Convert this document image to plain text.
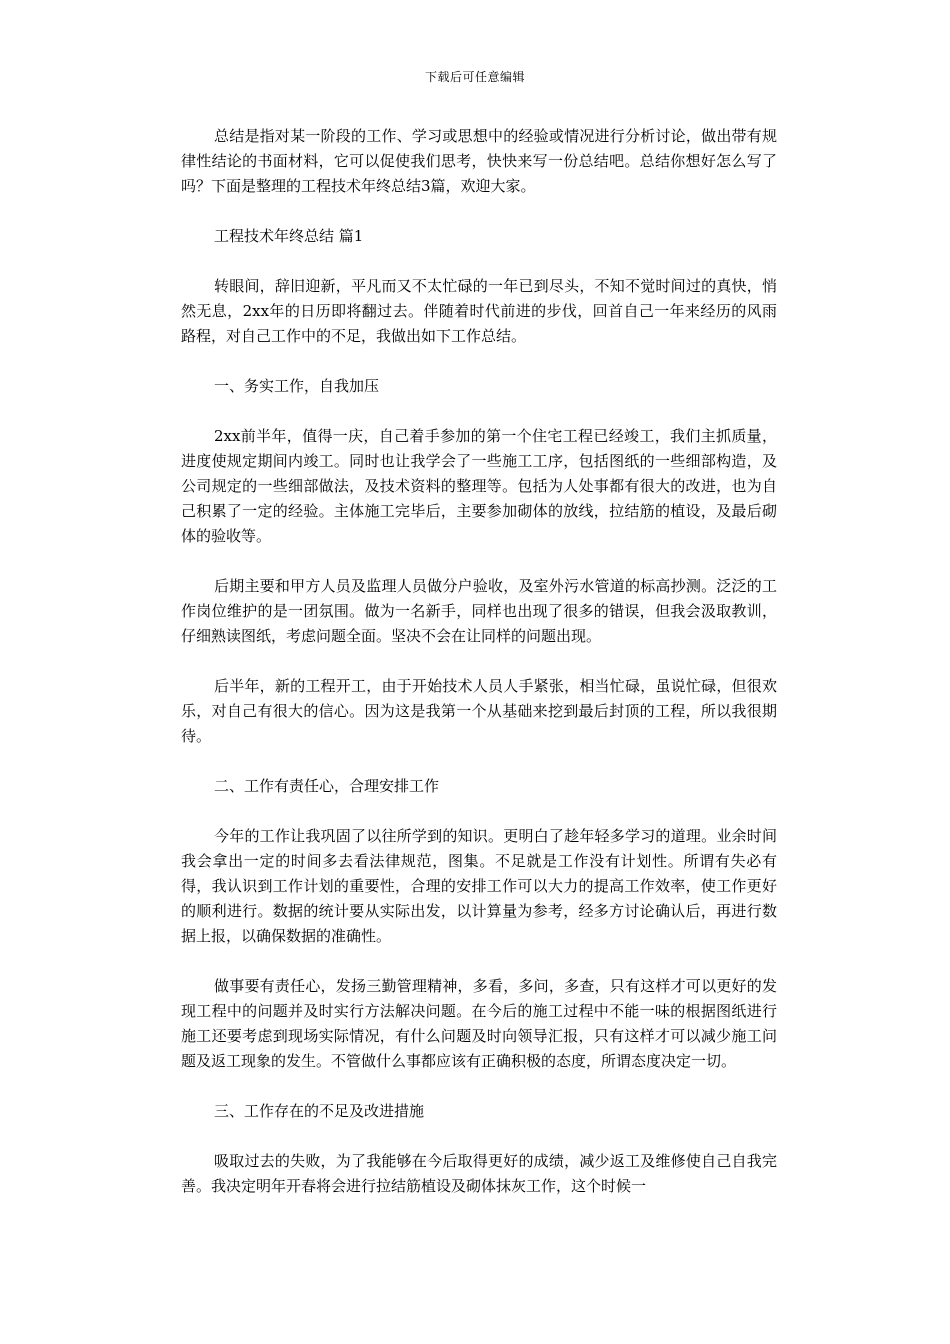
下载后可任意编辑

总结是指对某一阶段的工作、学习或思想中的经验或情况进行分析讨论，做出带有规律性结论的书面材料，它可以促使我们思考，快快来写一份总结吧。总结你想好怎么写了吗？下面是整理的工程技术年终总结3篇，欢迎大家。

工程技术年终总结 篇1

转眼间，辞旧迎新，平凡而又不太忙碌的一年已到尽头，不知不觉时间过的真快，悄然无息，2xx年的日历即将翻过去。伴随着时代前进的步伐，回首自己一年来经历的风雨路程，对自己工作中的不足，我做出如下工作总结。

一、务实工作，自我加压

2xx前半年，值得一庆，自己着手参加的第一个住宅工程已经竣工，我们主抓质量，进度使规定期间内竣工。同时也让我学会了一些施工工序，包括图纸的一些细部构造，及公司规定的一些细部做法，及技术资料的整理等。包括为人处事都有很大的改进，也为自己积累了一定的经验。主体施工完毕后，主要参加砌体的放线，拉结筋的植设，及最后砌体的验收等。

后期主要和甲方人员及监理人员做分户验收，及室外污水管道的标高抄测。泛泛的工作岗位维护的是一团氛围。做为一名新手，同样也出现了很多的错误，但我会汲取教训，仔细熟读图纸，考虑问题全面。坚决不会在让同样的问题出现。

后半年，新的工程开工，由于开始技术人员人手紧张，相当忙碌，虽说忙碌，但很欢乐，对自己有很大的信心。因为这是我第一个从基础来挖到最后封顶的工程，所以我很期待。

二、工作有责任心，合理安排工作

今年的工作让我巩固了以往所学到的知识。更明白了趁年轻多学习的道理。业余时间我会拿出一定的时间多去看法律规范，图集。不足就是工作没有计划性。所谓有失必有得，我认识到工作计划的重要性，合理的安排工作可以大力的提高工作效率，使工作更好的顺利进行。数据的统计要从实际出发，以计算量为参考，经多方讨论确认后，再进行数据上报，以确保数据的准确性。

做事要有责任心，发扬三勤管理精神，多看，多问，多查，只有这样才可以更好的发现工程中的问题并及时实行方法解决问题。在今后的施工过程中不能一味的根据图纸进行施工还要考虑到现场实际情况，有什么问题及时向领导汇报，只有这样才可以减少施工问题及返工现象的发生。不管做什么事都应该有正确积极的态度，所谓态度决定一切。

三、工作存在的不足及改进措施

吸取过去的失败，为了我能够在今后取得更好的成绩，减少返工及维修使自己自我完善。我决定明年开春将会进行拉结筋植设及砌体抹灰工作，这个时候一
